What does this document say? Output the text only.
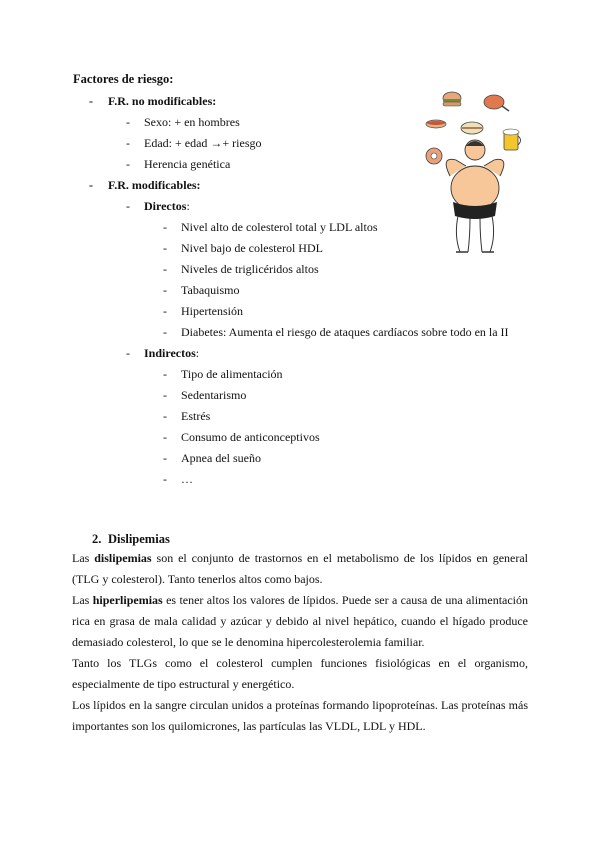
Factores de riesgo:
- F.R. no modificables:
- Sexo: + en hombres
- Edad: + edad →+ riesgo
- Herencia genética
- F.R. modificables:
- Directos:
- Nivel alto de colesterol total y LDL altos
- Nivel bajo de colesterol HDL
- Niveles de triglicéridos altos
- Tabaquismo
- Hipertensión
- Diabetes: Aumenta el riesgo de ataques cardíacos sobre todo en la II
- Indirectos:
- Tipo de alimentación
- Sedentarismo
- Estrés
- Consumo de anticonceptivos
- Apnea del sueño
- …
2. Dislipemias
Las dislipemias son el conjunto de trastornos en el metabolismo de los lípidos en general (TLG y colesterol). Tanto tenerlos altos como bajos.
Las hiperlipemias es tener altos los valores de lípidos. Puede ser a causa de una alimentación rica en grasa de mala calidad y azúcar y debido al nivel hepático, cuando el hígado produce demasiado colesterol, lo que se le denomina hipercolesterolemia familiar.
Tanto los TLGs como el colesterol cumplen funciones fisiológicas en el organismo, especialmente de tipo estructural y energético.
Los lípidos en la sangre circulan unidos a proteínas formando lipoproteínas. Las proteínas más importantes son los quilomicrones, las partículas las VLDL, LDL y HDL.
